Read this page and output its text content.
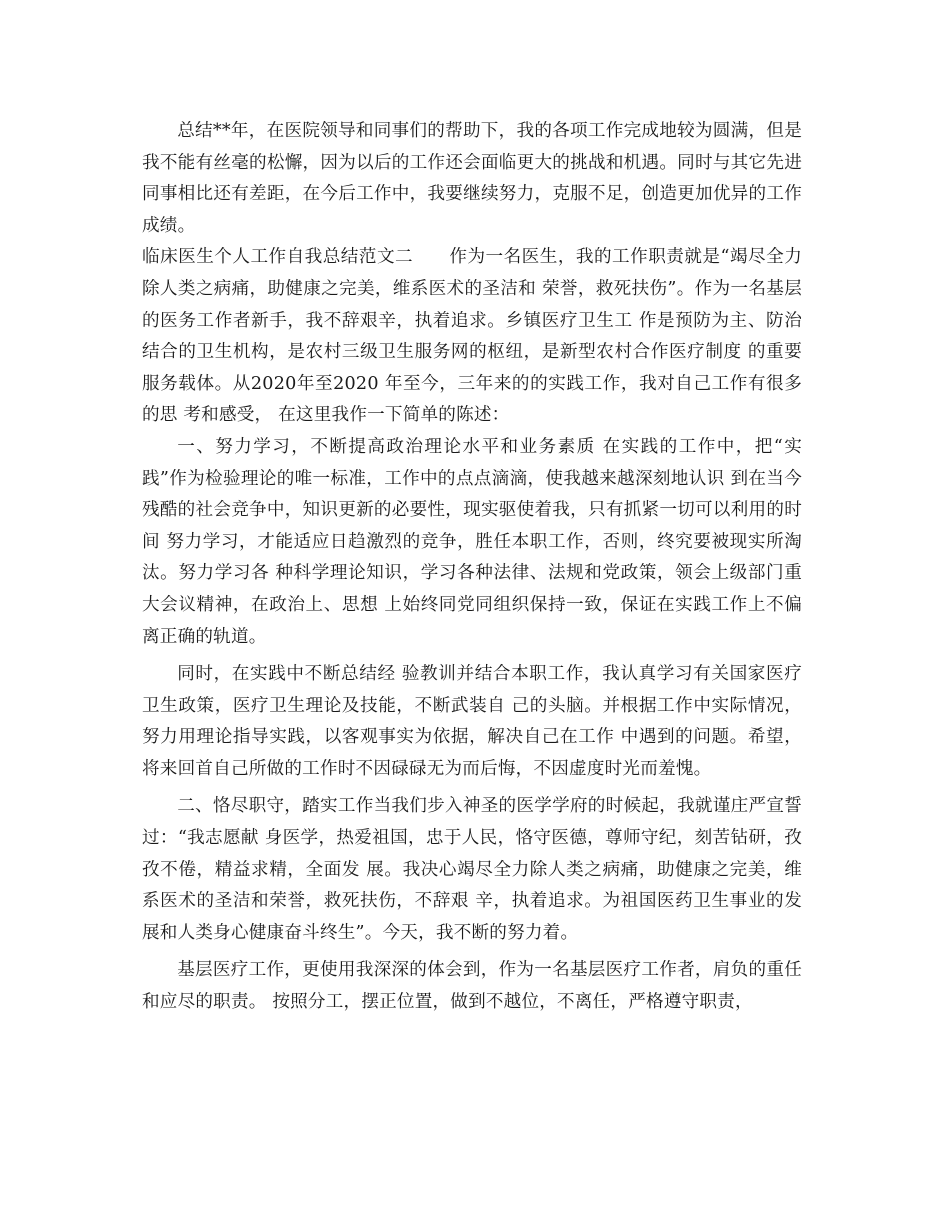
总结**年，在医院领导和同事们的帮助下，我的各项工作完成地较为圆满，但是我不能有丝毫的松懈，因为以后的工作还会面临更大的挑战和机遇。同时与其它先进同事相比还有差距，在今后工作中，我要继续努力，克服不足，创造更加优异的工作成绩。

临床医生个人工作自我总结范文二 作为一名医生，我的工作职责就是“竭尽全力除人类之病痛，助健康之完美，维系医术的圣洁和 荣誉，救死扶伤”。作为一名基层的医务工作者新手，我不辞艰辛，执着追求。乡镇医疗卫生工 作是预防为主、防治结合的卫生机构，是农村三级卫生服务网的枢纽，是新型农村合作医疗制度 的重要服务载体。从2020年至2020 年至今，三年来的的实践工作，我对自己工作有很多的思 考和感受， 在这里我作一下简单的陈述：

一、努力学习，不断提高政治理论水平和业务素质 在实践的工作中，把“实践”作为检验理论的唯一标准，工作中的点点滴滴，使我越来越深刻地认识 到在当今残酷的社会竞争中，知识更新的必要性，现实驱使着我，只有抓紧一切可以利用的时间 努力学习，才能适应日趋激烈的竞争，胜任本职工作，否则，终究要被现实所淘汰。努力学习各 种科学理论知识，学习各种法律、法规和党政策，领会上级部门重大会议精神，在政治上、思想 上始终同党同组织保持一致，保证在实践工作上不偏离正确的轨道。

同时，在实践中不断总结经 验教训并结合本职工作，我认真学习有关国家医疗卫生政策，医疗卫生理论及技能，不断武装自 己的头脑。并根据工作中实际情况，努力用理论指导实践，以客观事实为依据，解决自己在工作 中遇到的问题。希望，将来回首自己所做的工作时不因碌碌无为而后悔，不因虚度时光而羞愧。

二、恪尽职守，踏实工作当我们步入神圣的医学学府的时候起，我就谨庄严宣誓过：“我志愿献 身医学，热爱祖国，忠于人民，恪守医德，尊师守纪，刻苦钻研，孜孜不倦，精益求精，全面发 展。我决心竭尽全力除人类之病痛，助健康之完美，维系医术的圣洁和荣誉，救死扶伤，不辞艰 辛，执着追求。为祖国医药卫生事业的发展和人类身心健康奋斗终生”。今天，我不断的努力着。

基层医疗工作，更使用我深深的体会到，作为一名基层医疗工作者，肩负的重任和应尽的职责。 按照分工，摆正位置，做到不越位，不离任，严格遵守职责，
